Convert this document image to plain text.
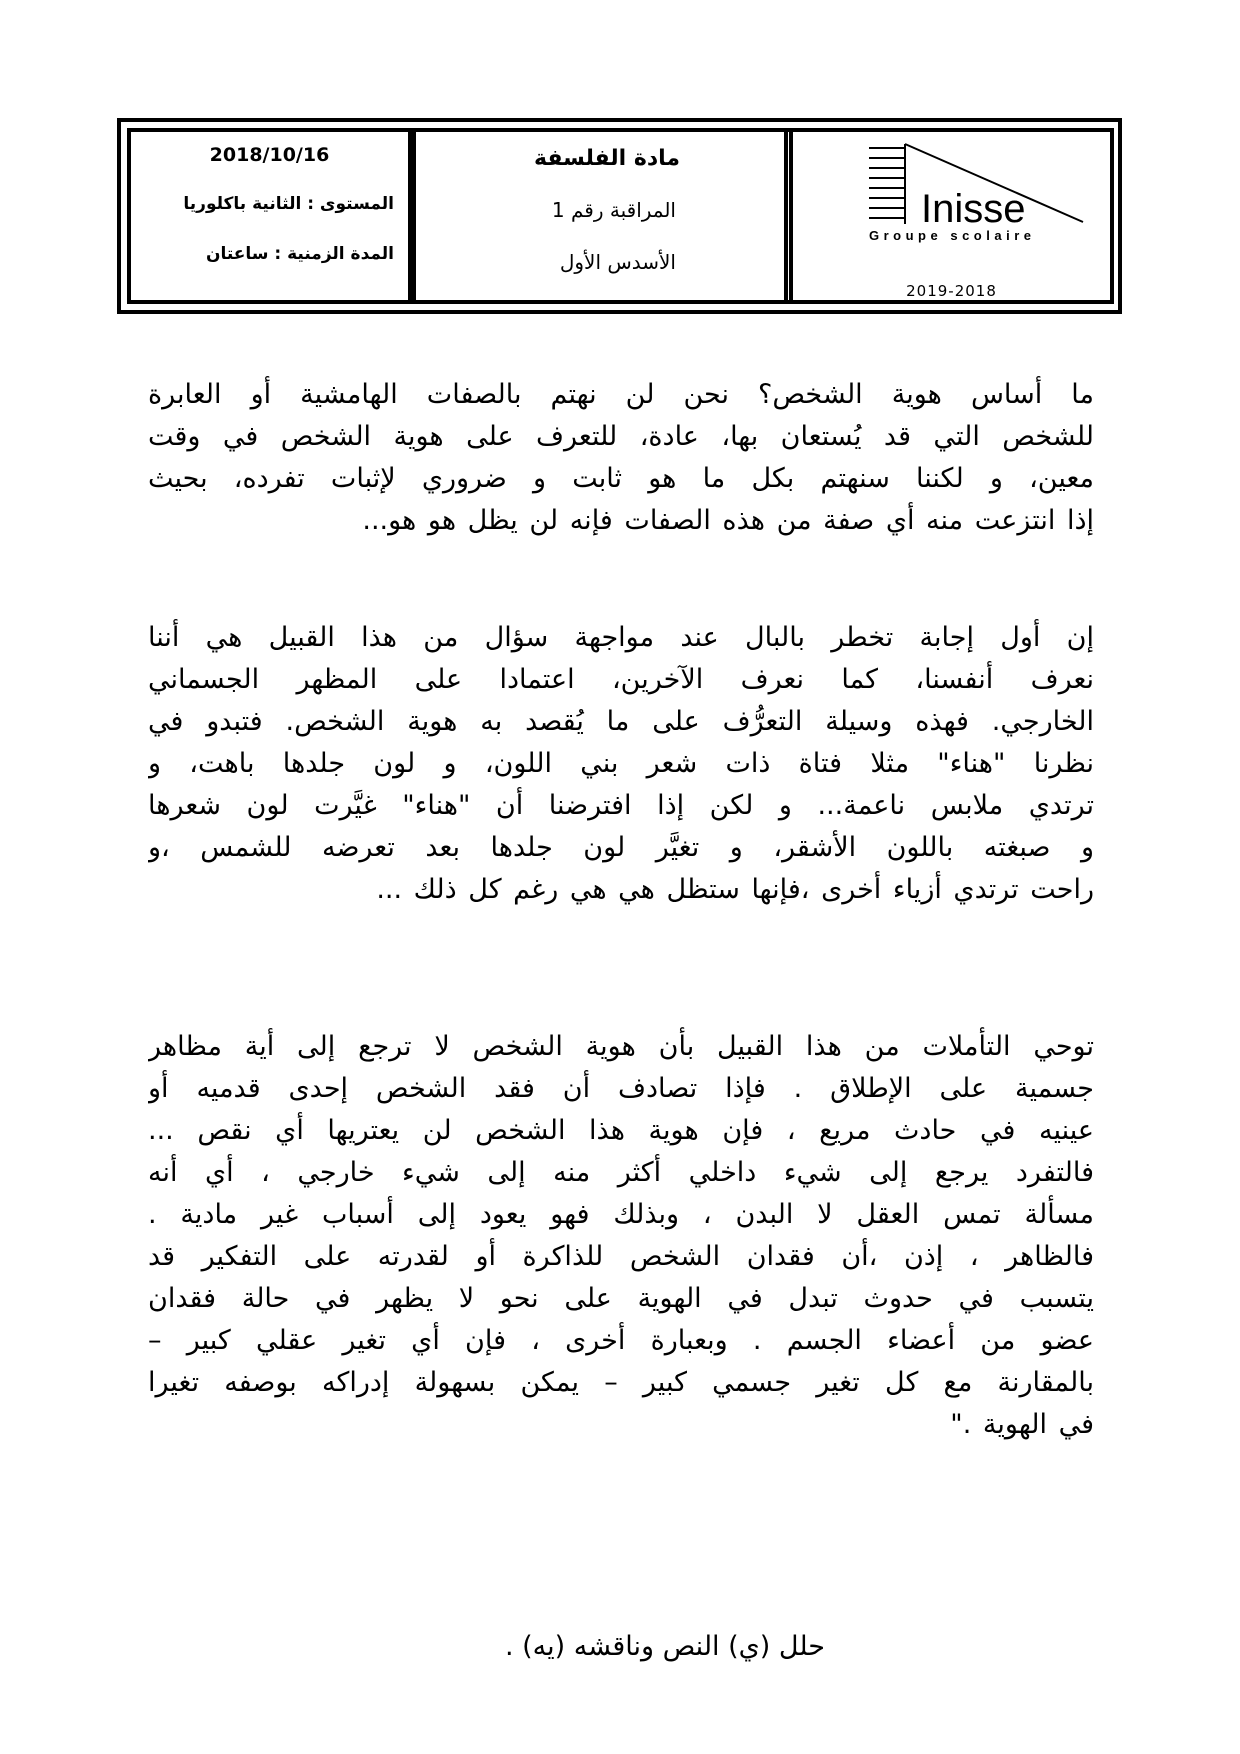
2018/10/16
المستوى : الثانية باكلوريا
المدة الزمنية : ساعتان
مادة الفلسفة
المراقبة رقم 1
الأسدس الأول
Inisse
Groupe scolaire
2019-2018
ما أساس هوية الشخص؟ نحن لن نهتم بالصفات الهامشية أو العابرة
للشخص التي قد يُستعان بها، عادة، للتعرف على هوية الشخص في وقت
معين، و لكننا سنهتم بكل ما هو ثابت و ضروري لإثبات تفرده، بحيث
إذا انتزعت منه أي صفة من هذه الصفات فإنه لن يظل هو هو...
إن أول إجابة تخطر بالبال عند مواجهة سؤال من هذا القبيل هي أننا
نعرف أنفسنا، كما نعرف الآخرين، اعتمادا على المظهر الجسماني
الخارجي. فهذه وسيلة التعرُّف على ما يُقصد به هوية الشخص. فتبدو في
نظرنا "هناء" مثلا فتاة ذات شعر بني اللون، و لون جلدها باهت، و
ترتدي ملابس ناعمة... و لكن إذا افترضنا أن "هناء" غيَّرت لون شعرها
و صبغته باللون الأشقر، و تغيَّر لون جلدها بعد تعرضه للشمس ،و
راحت ترتدي أزياء أخرى ،فإنها ستظل هي هي رغم كل ذلك ...
توحي التأملات من هذا القبيل بأن هوية الشخص لا ترجع إلى أية مظاهر
جسمية على الإطلاق . فإذا تصادف أن فقد الشخص إحدى قدميه أو
عينيه في حادث مريع ، فإن هوية هذا الشخص لن يعتريها أي نقص ...
فالتفرد يرجع إلى شيء داخلي أكثر منه إلى شيء خارجي ، أي أنه
مسألة تمس العقل لا البدن ، وبذلك فهو يعود إلى أسباب غير مادية .
فالظاهر ، إذن ،أن فقدان الشخص للذاكرة أو لقدرته على التفكير قد
يتسبب في حدوث تبدل في الهوية على نحو لا يظهر في حالة فقدان
عضو من أعضاء الجسم . وبعبارة أخرى ، فإن أي تغير عقلي كبير –
بالمقارنة مع كل تغير جسمي كبير – يمكن بسهولة إدراكه بوصفه تغيرا
في الهوية ."
حلل (ي) النص وناقشه (يه) .
